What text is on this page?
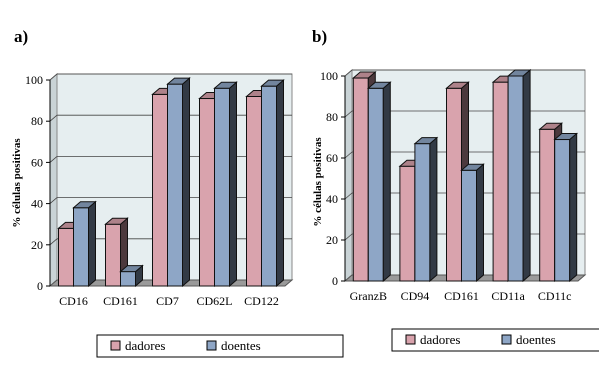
a)
0
20
40
60
80
100
% células positivas
CD16 CD161 CD7 CD62L CD122
dadores	doentes
b)
0
20
40
60
80
100
% células positivas
GranzB CD94 CD161 CD11a CD11c
dadores	doentes
